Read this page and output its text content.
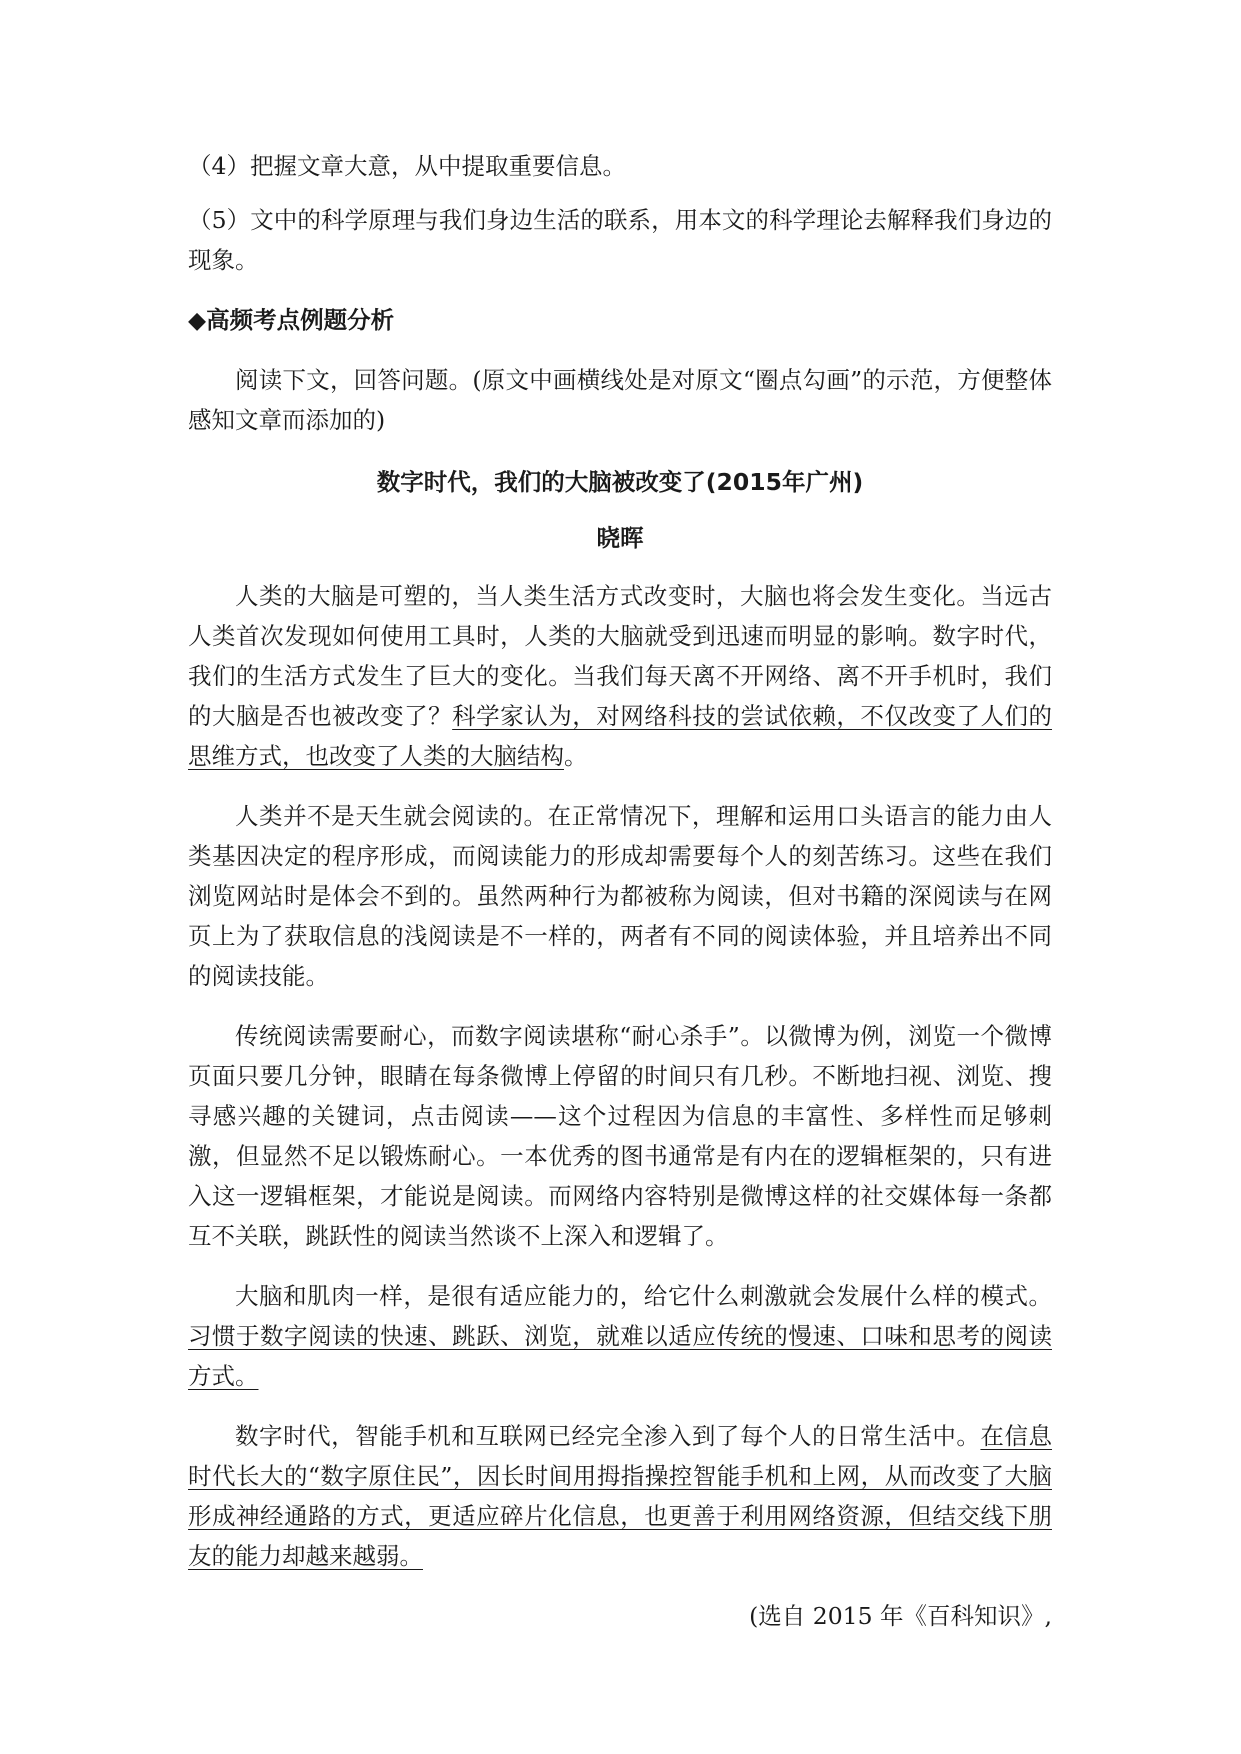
（4）把握文章大意，从中提取重要信息。

（5）文中的科学原理与我们身边生活的联系，用本文的科学理论去解释我们身边的现象。

◆高频考点例题分析

阅读下文，回答问题。(原文中画横线处是对原文“圈点勾画”的示范，方便整体感知文章而添加的)

数字时代，我们的大脑被改变了(2015年广州)

晓晖

人类的大脑是可塑的，当人类生活方式改变时，大脑也将会发生变化。当远古人类首次发现如何使用工具时，人类的大脑就受到迅速而明显的影响。数字时代，我们的生活方式发生了巨大的变化。当我们每天离不开网络、离不开手机时，我们的大脑是否也被改变了？科学家认为，对网络科技的尝试依赖，不仅改变了人们的思维方式，也改变了人类的大脑结构。

人类并不是天生就会阅读的。在正常情况下，理解和运用口头语言的能力由人类基因决定的程序形成，而阅读能力的形成却需要每个人的刻苦练习。这些在我们浏览网站时是体会不到的。虽然两种行为都被称为阅读，但对书籍的深阅读与在网页上为了获取信息的浅阅读是不一样的，两者有不同的阅读体验，并且培养出不同的阅读技能。

传统阅读需要耐心，而数字阅读堪称“耐心杀手”。以微博为例，浏览一个微博页面只要几分钟，眼睛在每条微博上停留的时间只有几秒。不断地扫视、浏览、搜寻感兴趣的关键词，点击阅读——这个过程因为信息的丰富性、多样性而足够刺激，但显然不足以锻炼耐心。一本优秀的图书通常是有内在的逻辑框架的，只有进入这一逻辑框架，才能说是阅读。而网络内容特别是微博这样的社交媒体每一条都互不关联，跳跃性的阅读当然谈不上深入和逻辑了。

大脑和肌肉一样，是很有适应能力的，给它什么刺激就会发展什么样的模式。习惯于数字阅读的快速、跳跃、浏览，就难以适应传统的慢速、口味和思考的阅读方式。

数字时代，智能手机和互联网已经完全渗入到了每个人的日常生活中。在信息时代长大的“数字原住民”，因长时间用拇指操控智能手机和上网，从而改变了大脑形成神经通路的方式，更适应碎片化信息，也更善于利用网络资源，但结交线下朋友的能力却越来越弱。

(选自 2015 年《百科知识》,
